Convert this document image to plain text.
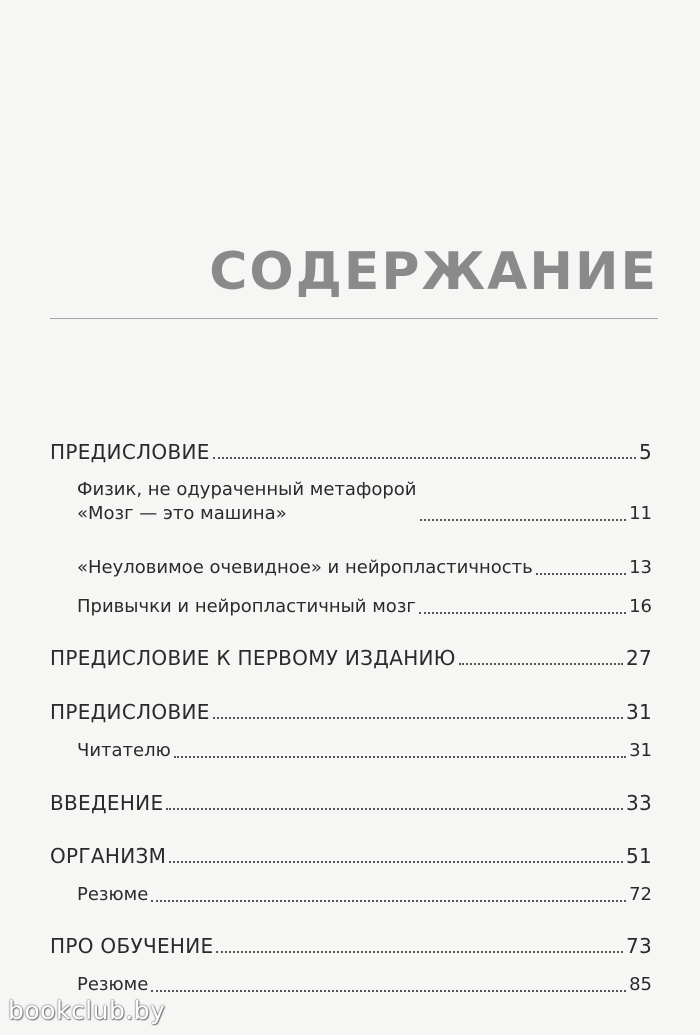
СОДЕРЖАНИЕ
ПРЕДИСЛОВИЕ	5
Физик, не одураченный метафорой
«Мозг — это машина»	11
«Неуловимое очевидное» и нейропластичность	13
Привычки и нейропластичный мозг	16
ПРЕДИСЛОВИЕ К ПЕРВОМУ ИЗДАНИЮ	27
ПРЕДИСЛОВИЕ	31
Читателю	31
ВВЕДЕНИЕ	33
ОРГАНИЗМ	51
Резюме	72
ПРО ОБУЧЕНИЕ	73
Резюме	85
bookclub.by
